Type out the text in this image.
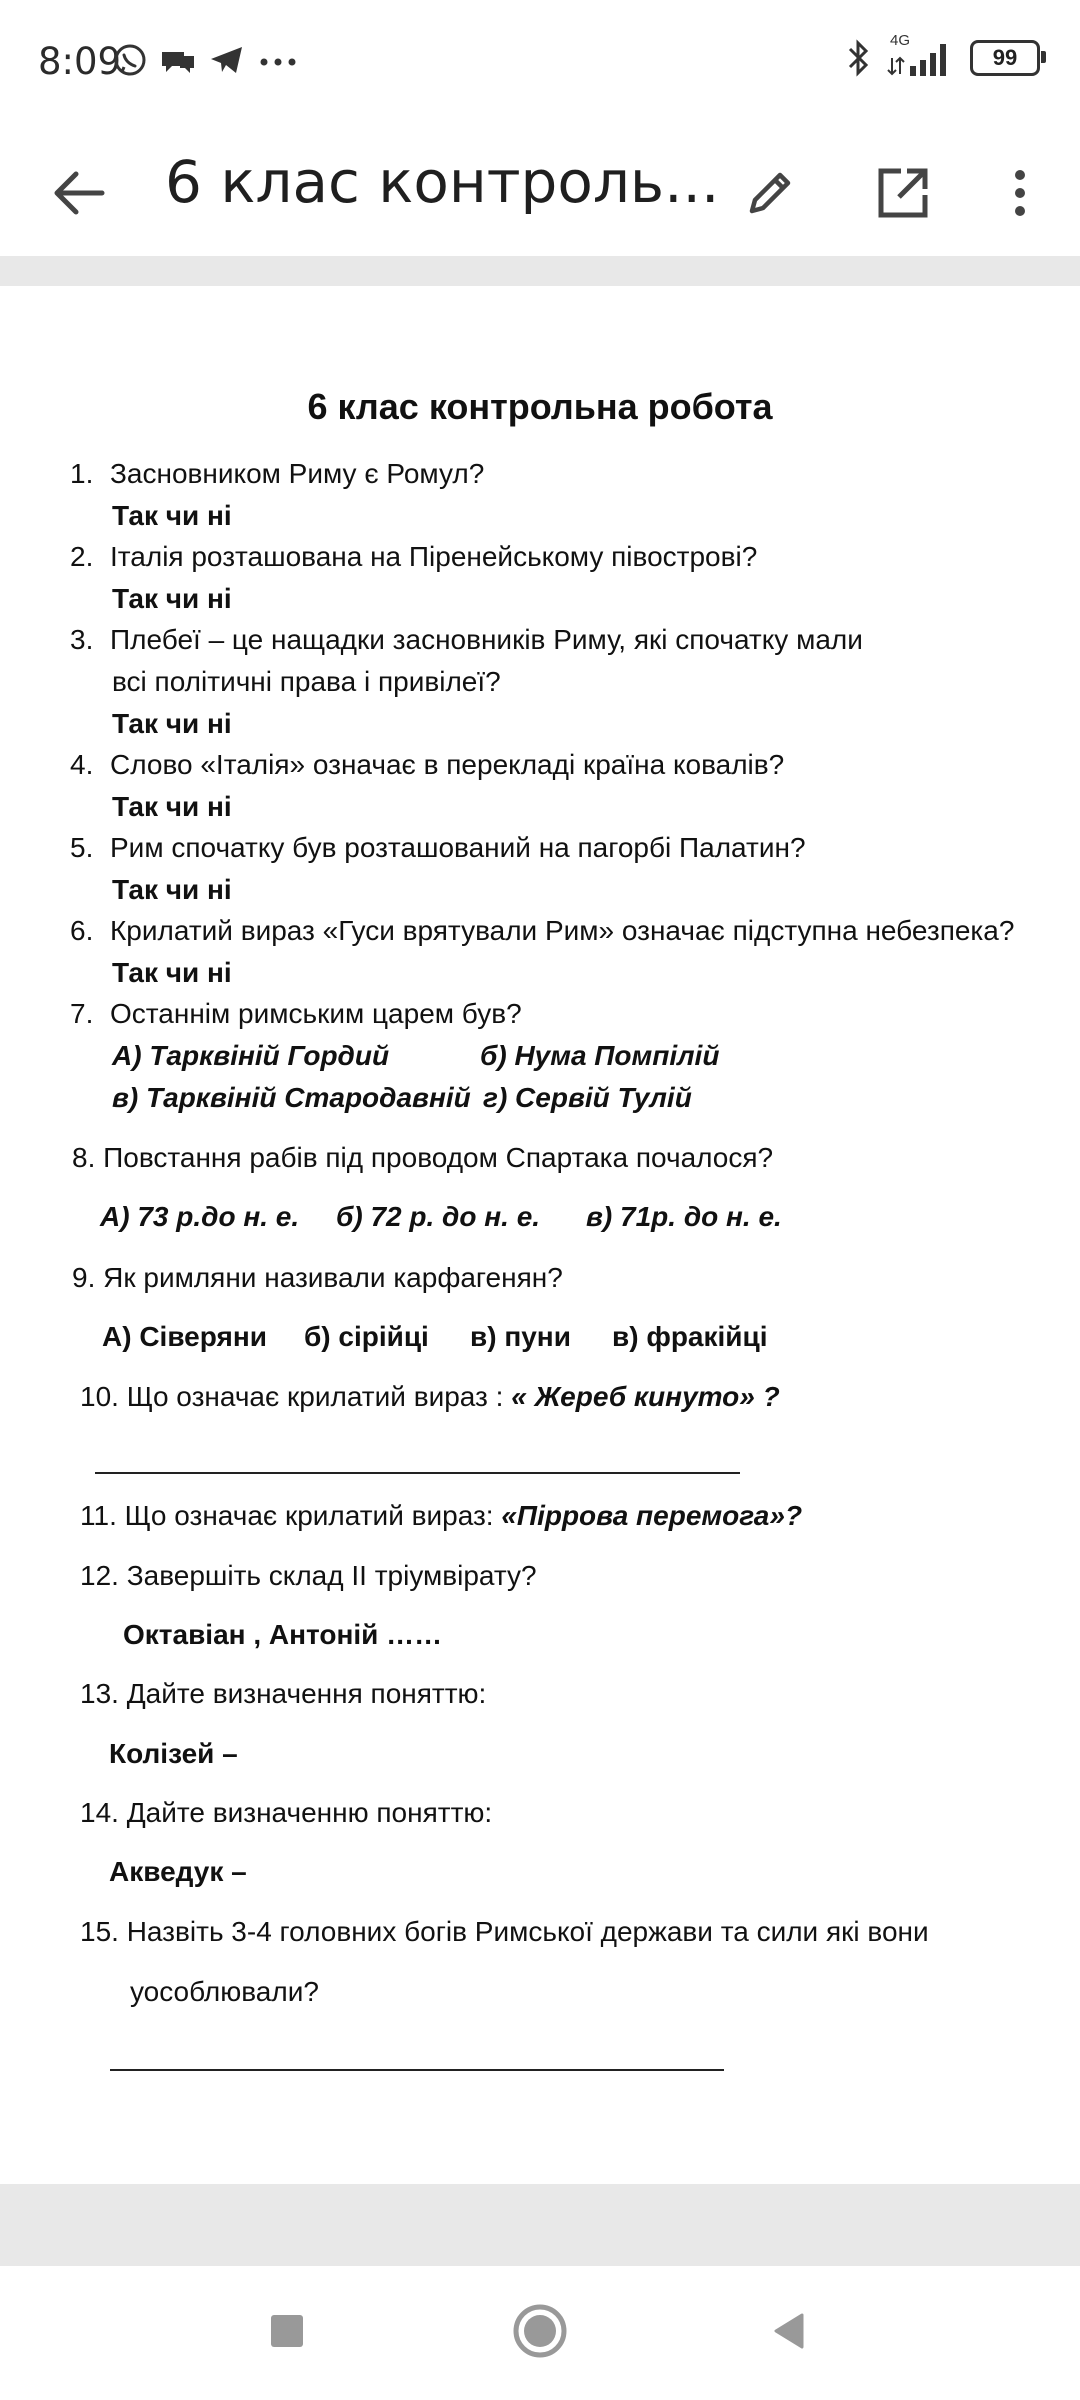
8:09	4G
99
6 клас контроль...
6 клас контрольна робота
1. Засновником Риму є Ромул?
Так чи ні
2. Італія розташована на Піренейському півострові?
Так чи ні
3. Плебеї – це нащадки засновників Риму, які спочатку мали
всі політичні права і привілеї?
Так чи ні
4. Слово «Італія» означає в перекладі країна ковалів?
Так чи ні
5. Рим спочатку був розташований на пагорбі Палатин?
Так чи ні
6. Крилатий вираз «Гуси врятували Рим» означає підступна небезпека?
Так чи ні
7. Останнім римським царем був?
А) Тарквіній Гордий	б) Нума Помпілій
в) Тарквіній Стародавній г) Сервій Тулій
8. Повстання рабів під проводом Спартака почалося?
А) 73 р.до н. е. б) 72 р. до н. е. в) 71р. до н. е.
9. Як римляни називали карфагенян?
А) Сіверяни б) сірійці в) пуни в) фракійці
10. Що означає крилатий вираз : « Жереб кинуто» ?
11. Що означає крилатий вираз: «Піррова перемога»?
12. Завершіть склад ІІ тріумвірату?
Октавіан , Антоній ……
13. Дайте визначення поняттю:
Колізей –
14. Дайте визначенню поняттю:
Акведук –
15. Назвіть 3-4 головних богів Римської держави та сили які вони
уособлювали?
